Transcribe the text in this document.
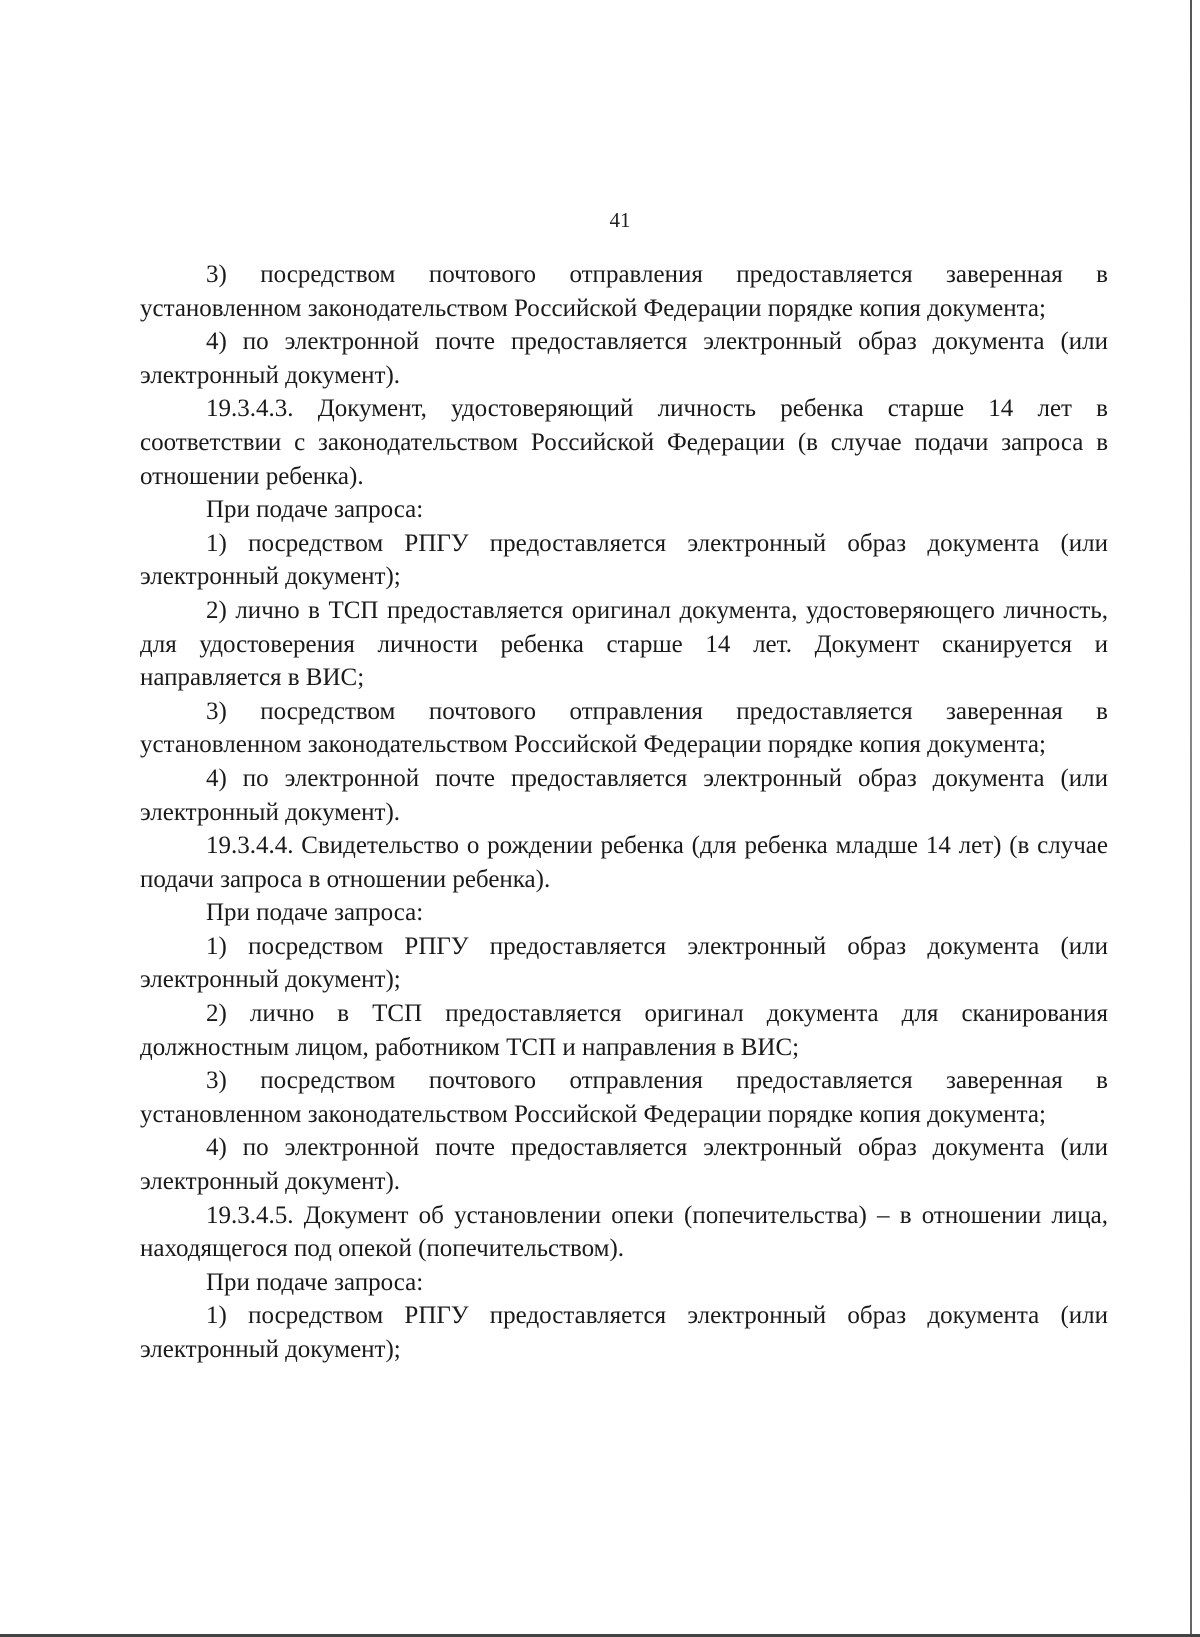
41

3) посредством почтового отправления предоставляется заверенная в установленном законодательством Российской Федерации порядке копия документа;

4) по электронной почте предоставляется электронный образ документа (или электронный документ).

19.3.4.3. Документ, удостоверяющий личность ребенка старше 14 лет в соответствии с законодательством Российской Федерации (в случае подачи запроса в отношении ребенка).

При подаче запроса:

1) посредством РПГУ предоставляется электронный образ документа (или электронный документ);

2) лично в ТСП предоставляется оригинал документа, удостоверяющего личность, для удостоверения личности ребенка старше 14 лет. Документ сканируется и направляется в ВИС;

3) посредством почтового отправления предоставляется заверенная в установленном законодательством Российской Федерации порядке копия документа;

4) по электронной почте предоставляется электронный образ документа (или электронный документ).

19.3.4.4. Свидетельство о рождении ребенка (для ребенка младше 14 лет) (в случае подачи запроса в отношении ребенка).

При подаче запроса:

1) посредством РПГУ предоставляется электронный образ документа (или электронный документ);

2) лично в ТСП предоставляется оригинал документа для сканирования должностным лицом, работником ТСП и направления в ВИС;

3) посредством почтового отправления предоставляется заверенная в установленном законодательством Российской Федерации порядке копия документа;

4) по электронной почте предоставляется электронный образ документа (или электронный документ).

19.3.4.5. Документ об установлении опеки (попечительства) – в отношении лица, находящегося под опекой (попечительством).

При подаче запроса:

1) посредством РПГУ предоставляется электронный образ документа (или электронный документ);
